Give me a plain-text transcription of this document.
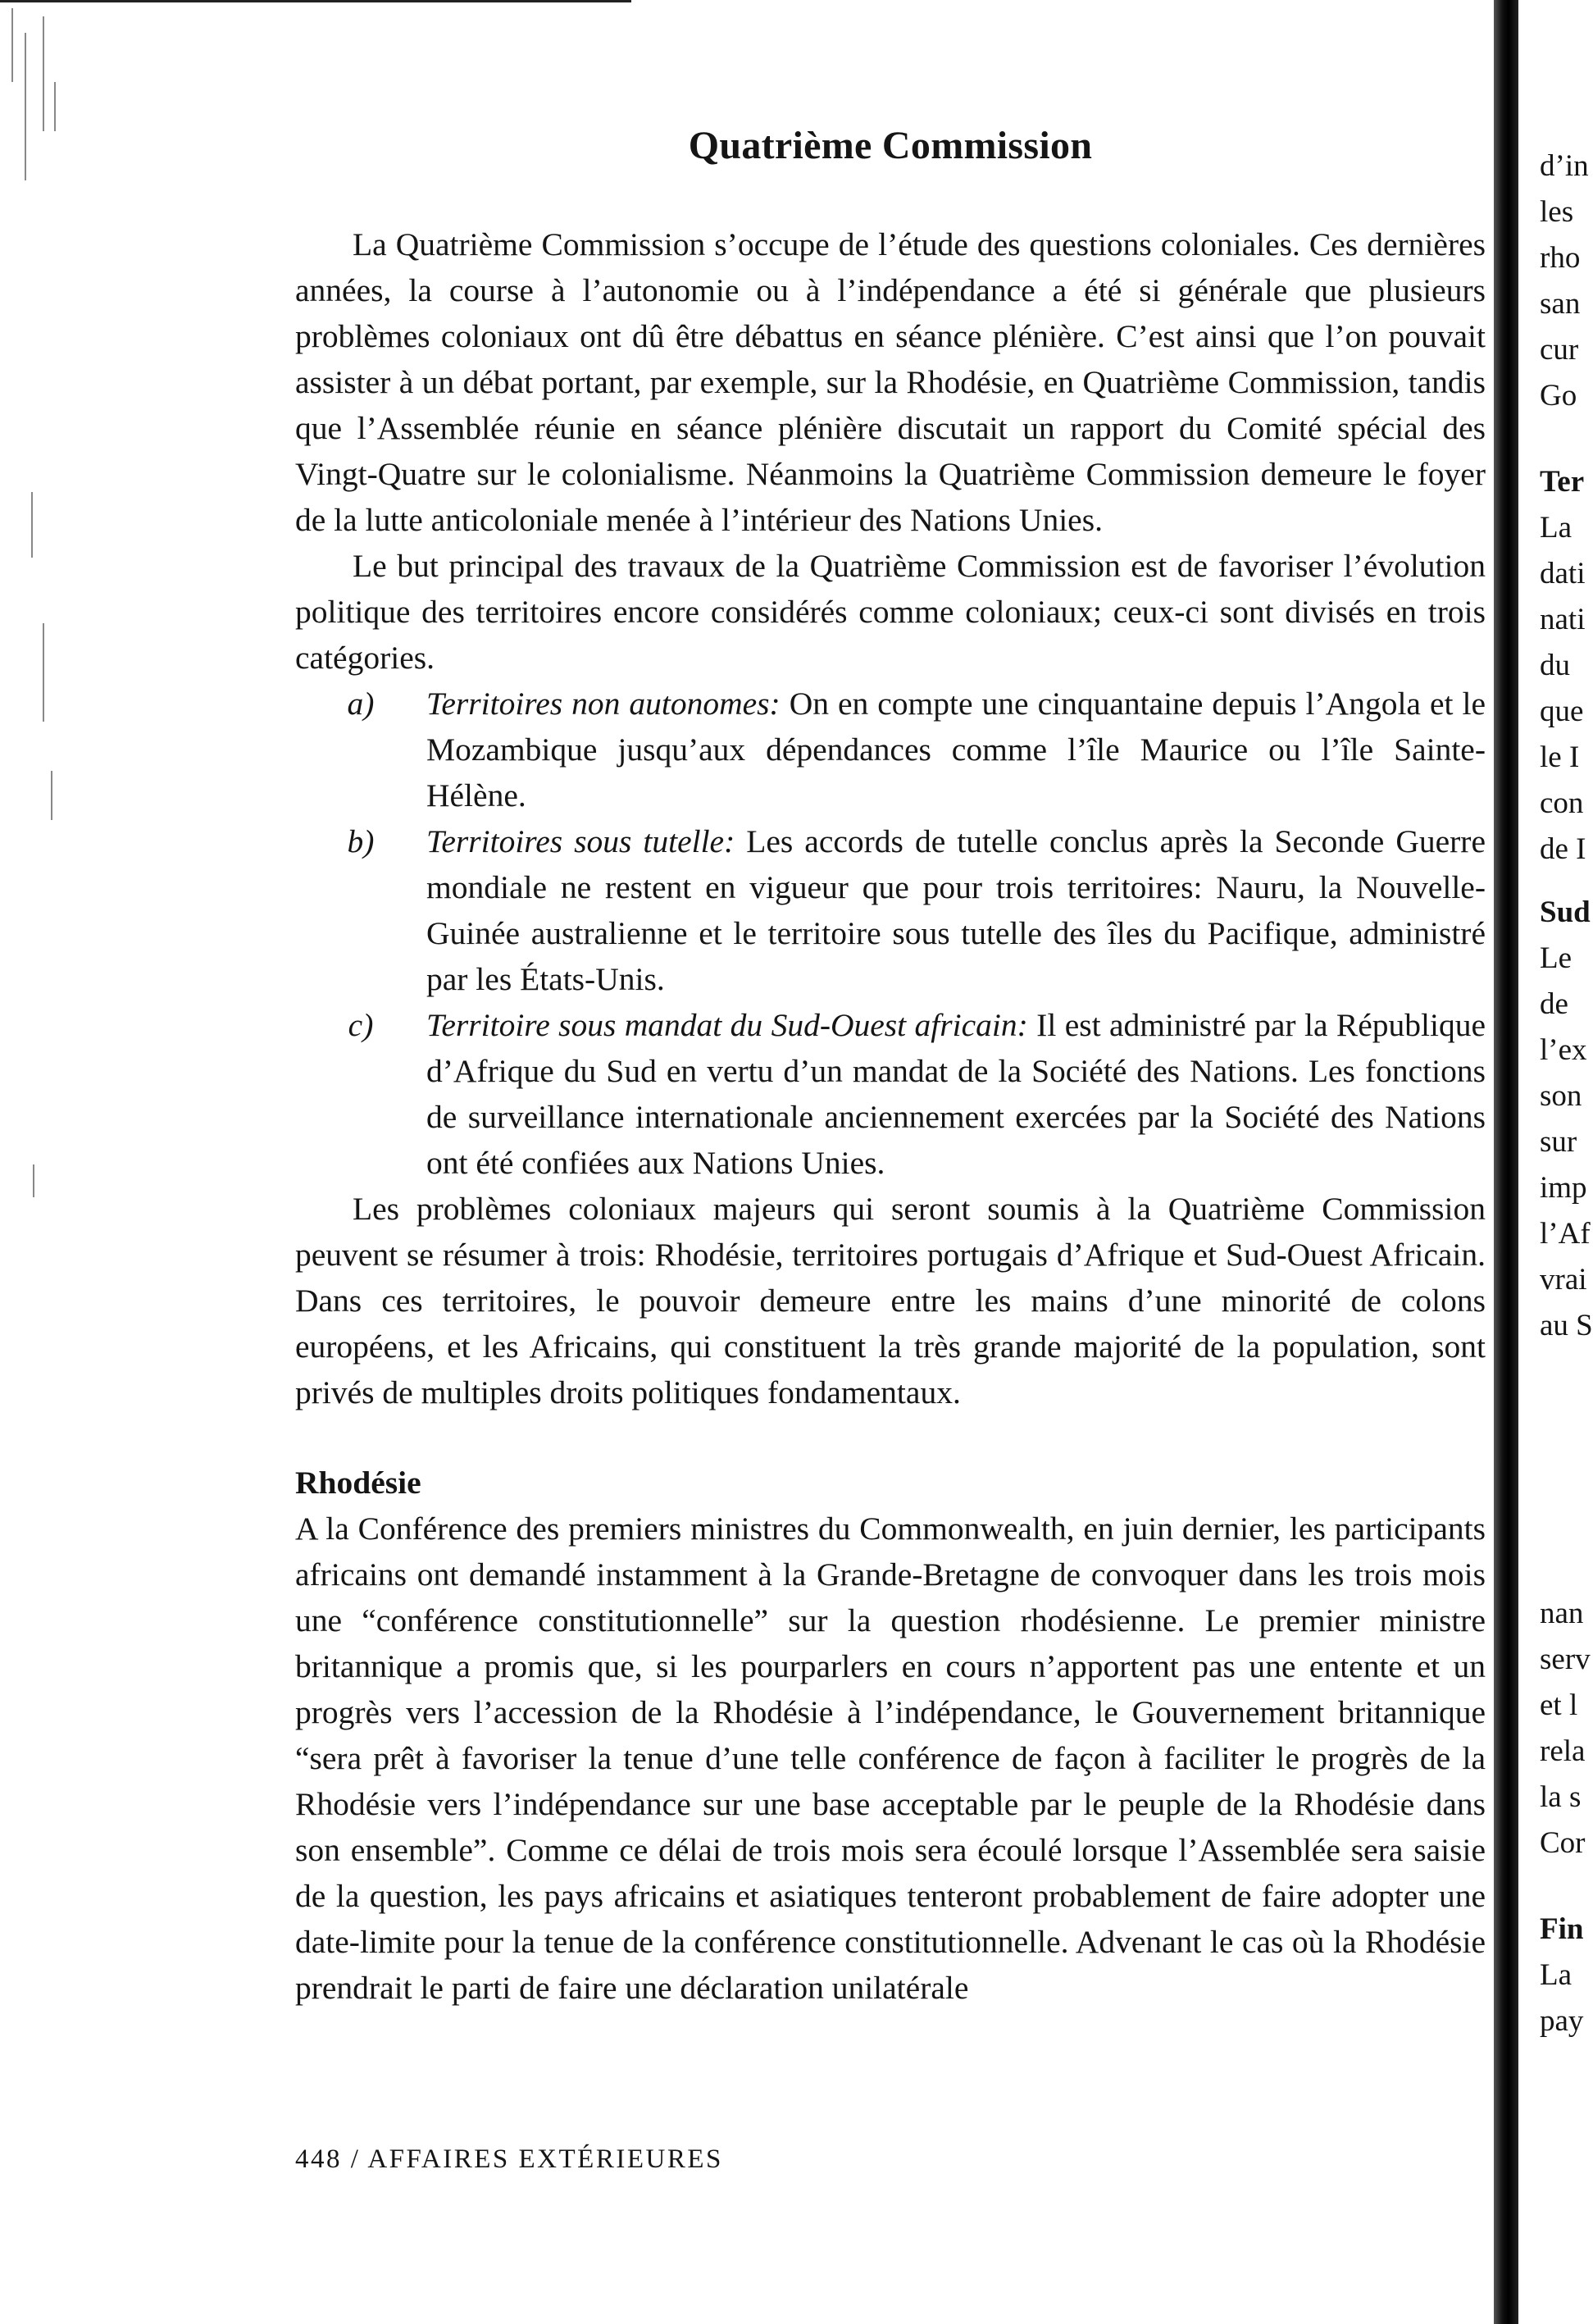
Quatrième Commission

La Quatrième Commission s’occupe de l’étude des questions coloniales. Ces dernières années, la course à l’autonomie ou à l’indépendance a été si générale que plusieurs problèmes coloniaux ont dû être débattus en séance plénière. C’est ainsi que l’on pouvait assister à un débat portant, par exemple, sur la Rhodésie, en Quatrième Commission, tandis que l’Assemblée réunie en séance plénière discutait un rapport du Comité spécial des Vingt-Quatre sur le colonialisme. Néanmoins la Quatrième Commission demeure le foyer de la lutte anticoloniale menée à l’intérieur des Nations Unies.

Le but principal des travaux de la Quatrième Commission est de favoriser l’évolution politique des territoires encore considérés comme coloniaux; ceux-ci sont divisés en trois catégories.

a)	Territoires non autonomes: On en compte une cinquantaine depuis l’Angola et le Mozambique jusqu’aux dépendances comme l’île Maurice ou l’île Sainte-Hélène.
b)	Territoires sous tutelle: Les accords de tutelle conclus après la Seconde Guerre mondiale ne restent en vigueur que pour trois territoires: Nauru, la Nouvelle-Guinée australienne et le territoire sous tutelle des îles du Pacifique, administré par les États-Unis.
c)	Territoire sous mandat du Sud-Ouest africain: Il est administré par la République d’Afrique du Sud en vertu d’un mandat de la Société des Nations. Les fonctions de surveillance internationale anciennement exercées par la Société des Nations ont été confiées aux Nations Unies.

Les problèmes coloniaux majeurs qui seront soumis à la Quatrième Commission peuvent se résumer à trois: Rhodésie, territoires portugais d’Afrique et Sud-Ouest Africain. Dans ces territoires, le pouvoir demeure entre les mains d’une minorité de colons européens, et les Africains, qui constituent la très grande majorité de la population, sont privés de multiples droits politiques fondamentaux.

Rhodésie

A la Conférence des premiers ministres du Commonwealth, en juin dernier, les participants africains ont demandé instamment à la Grande-Bretagne de convoquer dans les trois mois une “conférence constitutionnelle” sur la question rhodésienne. Le premier ministre britannique a promis que, si les pourparlers en cours n’apportent pas une entente et un progrès vers l’accession de la Rhodésie à l’indépendance, le Gouvernement britannique “sera prêt à favoriser la tenue d’une telle conférence de façon à faciliter le progrès de la Rhodésie vers l’indépendance sur une base acceptable par le peuple de la Rhodésie dans son ensemble”. Comme ce délai de trois mois sera écoulé lorsque l’Assemblée sera saisie de la question, les pays africains et asiatiques tenteront probablement de faire adopter une date-limite pour la tenue de la conférence constitutionnelle. Advenant le cas où la Rhodésie prendrait le parti de faire une déclaration unilatérale

448 / AFFAIRES EXTÉRIEURES
d’in
les
rho
san
cur
Go
Ter
La
dati
nati
du
que
le I
con
de I
Sud
Le
de
l’ex
son
sur
imp
l’Af
vrai
au S
nan
serv
et l
rela
la s
Cor
Fin
La
pay
